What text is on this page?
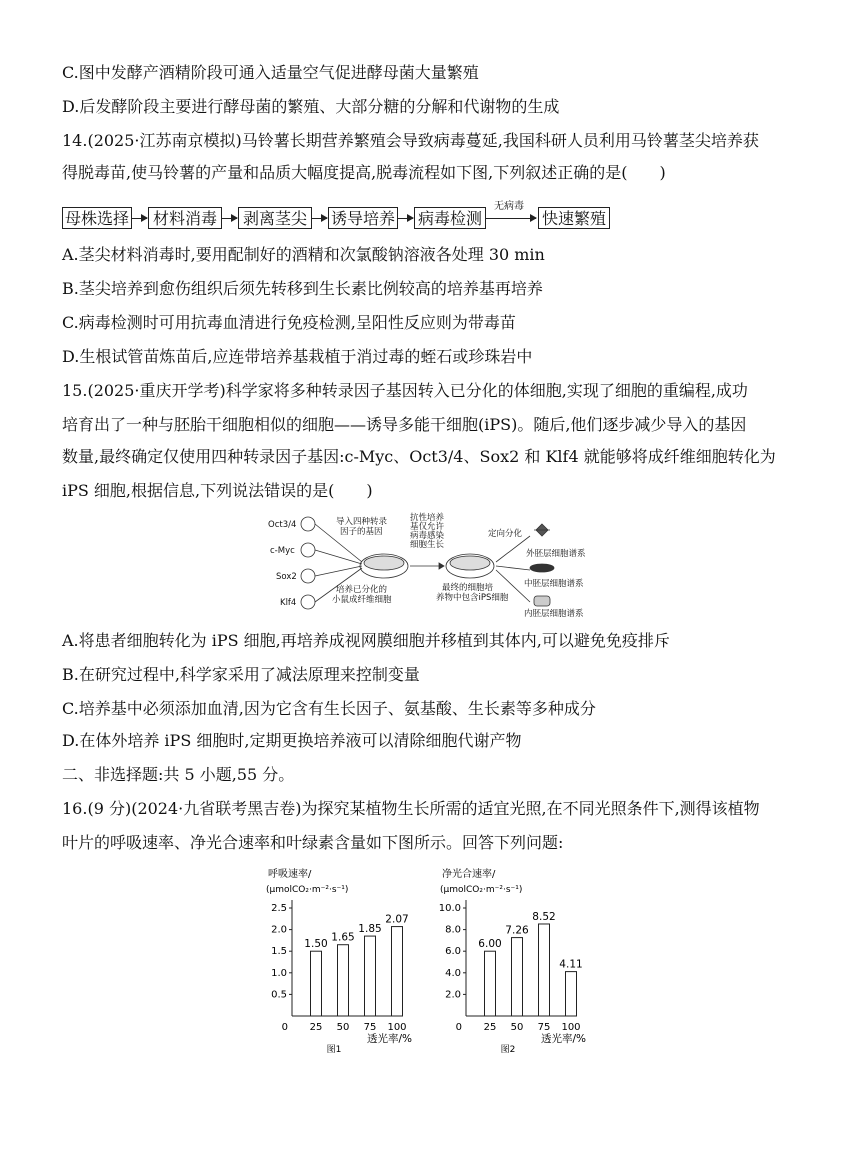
C.图中发酵产酒精阶段可通入适量空气促进酵母菌大量繁殖
D.后发酵阶段主要进行酵母菌的繁殖、大部分糖的分解和代谢物的生成
14.(2025·江苏南京模拟)马铃薯长期营养繁殖会导致病毒蔓延,我国科研人员利用马铃薯茎尖培养获
得脱毒苗,使马铃薯的产量和品质大幅度提高,脱毒流程如下图,下列叙述正确的是(　　)
母株选择	材料消毒	剥离茎尖	诱导培养 病毒检测
无病毒
快速繁殖
A.茎尖材料消毒时,要用配制好的酒精和次氯酸钠溶液各处理 30 min
B.茎尖培养到愈伤组织后须先转移到生长素比例较高的培养基再培养
C.病毒检测时可用抗毒血清进行免疫检测,呈阳性反应则为带毒苗
D.生根试管苗炼苗后,应连带培养基栽植于消过毒的蛭石或珍珠岩中
15.(2025·重庆开学考)科学家将多种转录因子基因转入已分化的体细胞,实现了细胞的重编程,成功
培育出了一种与胚胎干细胞相似的细胞——诱导多能干细胞(iPS)。随后,他们逐步减少导入的基因
数量,最终确定仅使用四种转录因子基因:c-Myc、Oct3/4、Sox2 和 Klf4 就能够将成纤维细胞转化为
iPS 细胞,根据信息,下列说法错误的是(　　)
Oct3/4
c-Myc
Sox2
Klf4
导入四种转录
因子的基因
培养已分化的
小鼠成纤维细胞
抗性培养
基仅允许
病毒感染
细胞生长
最终的细胞培
养物中包含iPS细胞
定向分化
外胚层细胞谱系
中胚层细胞谱系
内胚层细胞谱系
A.将患者细胞转化为 iPS 细胞,再培养成视网膜细胞并移植到其体内,可以避免免疫排斥
B.在研究过程中,科学家采用了减法原理来控制变量
C.培养基中必须添加血清,因为它含有生长因子、氨基酸、生长素等多种成分
D.在体外培养 iPS 细胞时,定期更换培养液可以清除细胞代谢产物
二、非选择题:共 5 小题,55 分。
16.(9 分)(2024·九省联考黑吉卷)为探究某植物生长所需的适宜光照,在不同光照条件下,测得该植物
叶片的呼吸速率、净光合速率和叶绿素含量如下图所示。回答下列问题:
呼吸速率/
(μmolCO₂·m⁻²·s⁻¹)
0.5
1.0
1.5
2.0
2.5
0
1.50
25
1.65
50
1.85
75
2.07
100
透光率/%
图1
净光合速率/
(μmolCO₂·m⁻²·s⁻¹)
2.0
4.0
6.0
8.0
10.0
0
6.00
25
7.26
50
8.52
75
4.11
100
透光率/%
图2
